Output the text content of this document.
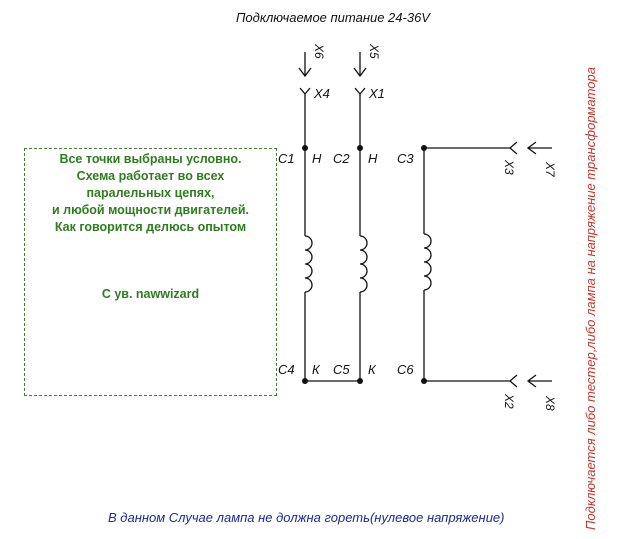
Подключаемое питание 24-36V
Все точки выбраны условно.
Схема работает во всех
паралельных цепях,
и любой мощности двигателей.
Как говорится делюсь опытом
С ув. nawwizard
X6	X5
X4	X1
C1 Н C2 Н C3
C4 К C5 К C6
X3 X7
X2 X8 Подключается либо тестер,либо лампа на напряжение трансформатора
В данном Случае лампа не должна гореть(нулевое напряжение)
